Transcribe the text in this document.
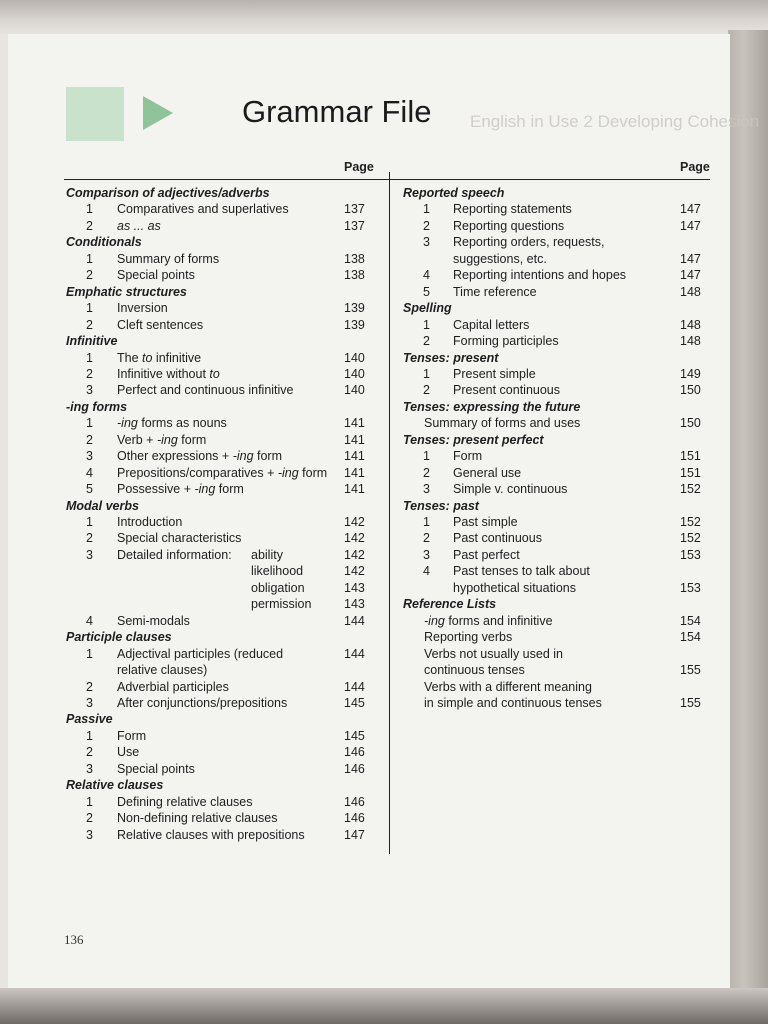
English in Use 2 Developing Cohesion
Grammar File
Page	Page
Comparison of adjectives/adverbs
1 Comparatives and superlatives	137
2 as ... as	137
Conditionals
1 Summary of forms	138
2 Special points	138
Emphatic structures
1 Inversion	139
2 Cleft sentences	139
Infinitive
1 The to infinitive	140
2 Infinitive without to	140
3 Perfect and continuous infinitive	140
-ing forms
1 -ing forms as nouns	141
2 Verb + -ing form	141
3 Other expressions + -ing form	141
4 Prepositions/comparatives + -ing form 141
5 Possessive + -ing form	141
Modal verbs
1 Introduction	142
2 Special characteristics	142
3 Detailed information: ability	142
likelihood	142
obligation	143
permission	143
4 Semi-modals	144
Participle clauses
1 Adjectival participles (reduced	144
relative clauses)
2 Adverbial participles	144
3 After conjunctions/prepositions	145
Passive
1 Form	145
2 Use	146
3 Special points	146
Relative clauses
1 Defining relative clauses	146
2 Non-defining relative clauses	146
3 Relative clauses with prepositions	147
Reported speech
1 Reporting statements	147
2 Reporting questions	147
3 Reporting orders, requests,
suggestions, etc.	147
4 Reporting intentions and hopes	147
5 Time reference	148
Spelling
1 Capital letters	148
2 Forming participles	148
Tenses: present
1 Present simple	149
2 Present continuous	150
Tenses: expressing the future
Summary of forms and uses	150
Tenses: present perfect
1 Form	151
2 General use	151
3 Simple v. continuous	152
Tenses: past
1 Past simple	152
2 Past continuous	152
3 Past perfect	153
4 Past tenses to talk about
hypothetical situations	153
Reference Lists
-ing forms and infinitive	154
Reporting verbs	154
Verbs not usually used in
continuous tenses	155
Verbs with a different meaning
in simple and continuous tenses	155
136
